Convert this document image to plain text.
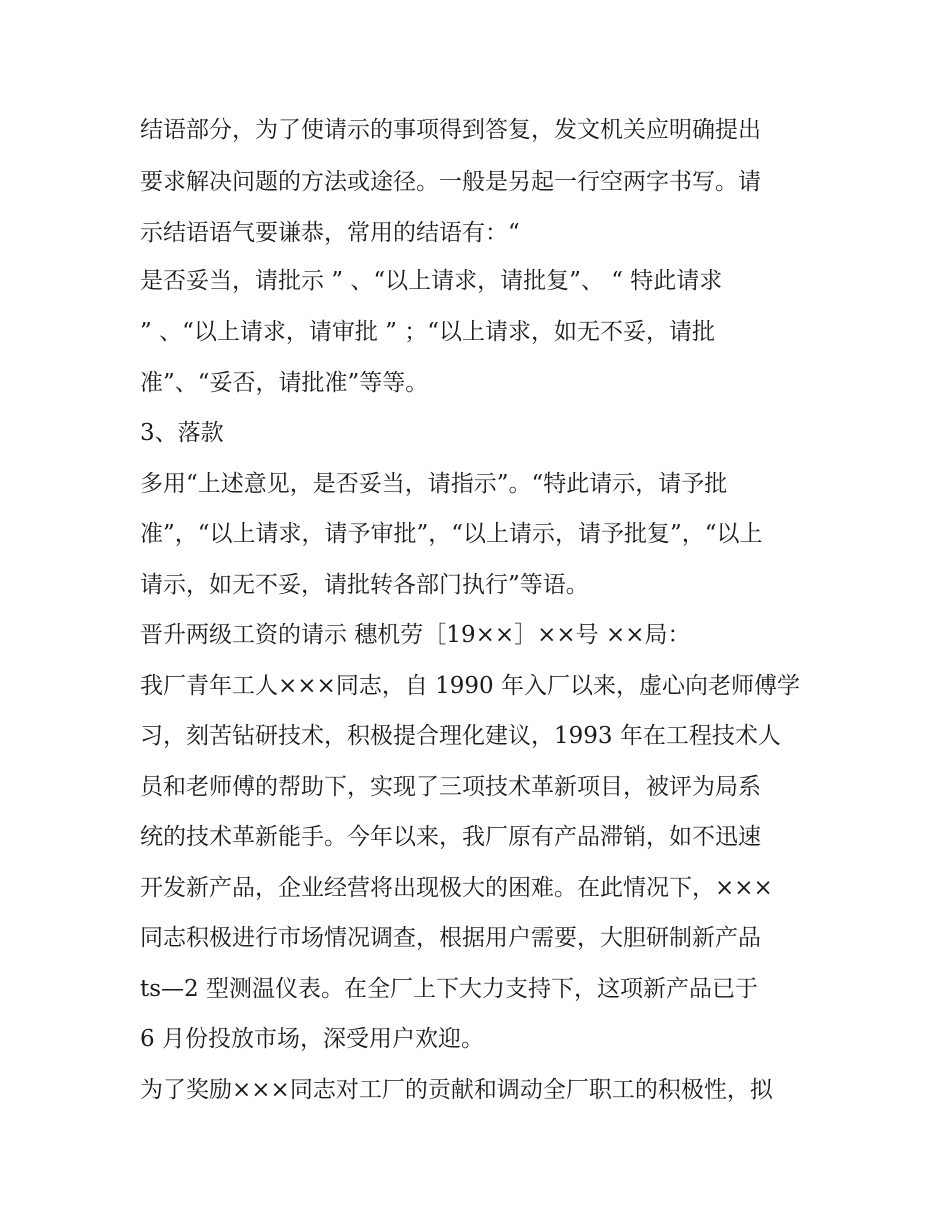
结语部分，为了使请示的事项得到答复，发文机关应明确提出
要求解决问题的方法或途径。一般是另起一行空两字书写。请
示结语语气要谦恭，常用的结语有：“
是否妥当，请批示 ” 、“以上请求，请批复”、 “ 特此请求
” 、“以上请求，请审批 ” ；“以上请求，如无不妥，请批
准”、“妥否，请批准”等等。
3、落款
多用“上述意见，是否妥当，请指示”。“特此请示，请予批
准”，“以上请求，请予审批”，“以上请示，请予批复”，“以上
请示，如无不妥，请批转各部门执行”等语。
晋升两级工资的请示 穗机劳［19××］××号 ××局：
我厂青年工人×××同志，自 1990 年入厂以来，虚心向老师傅学
习，刻苦钻研技术，积极提合理化建议，1993 年在工程技术人
员和老师傅的帮助下，实现了三项技术革新项目，被评为局系
统的技术革新能手。今年以来，我厂原有产品滞销，如不迅速
开发新产品，企业经营将出现极大的困难。在此情况下，×××
同志积极进行市场情况调查，根据用户需要，大胆研制新产品
ts—2 型测温仪表。在全厂上下大力支持下，这项新产品已于
6 月份投放市场，深受用户欢迎。
为了奖励×××同志对工厂的贡献和调动全厂职工的积极性，拟
